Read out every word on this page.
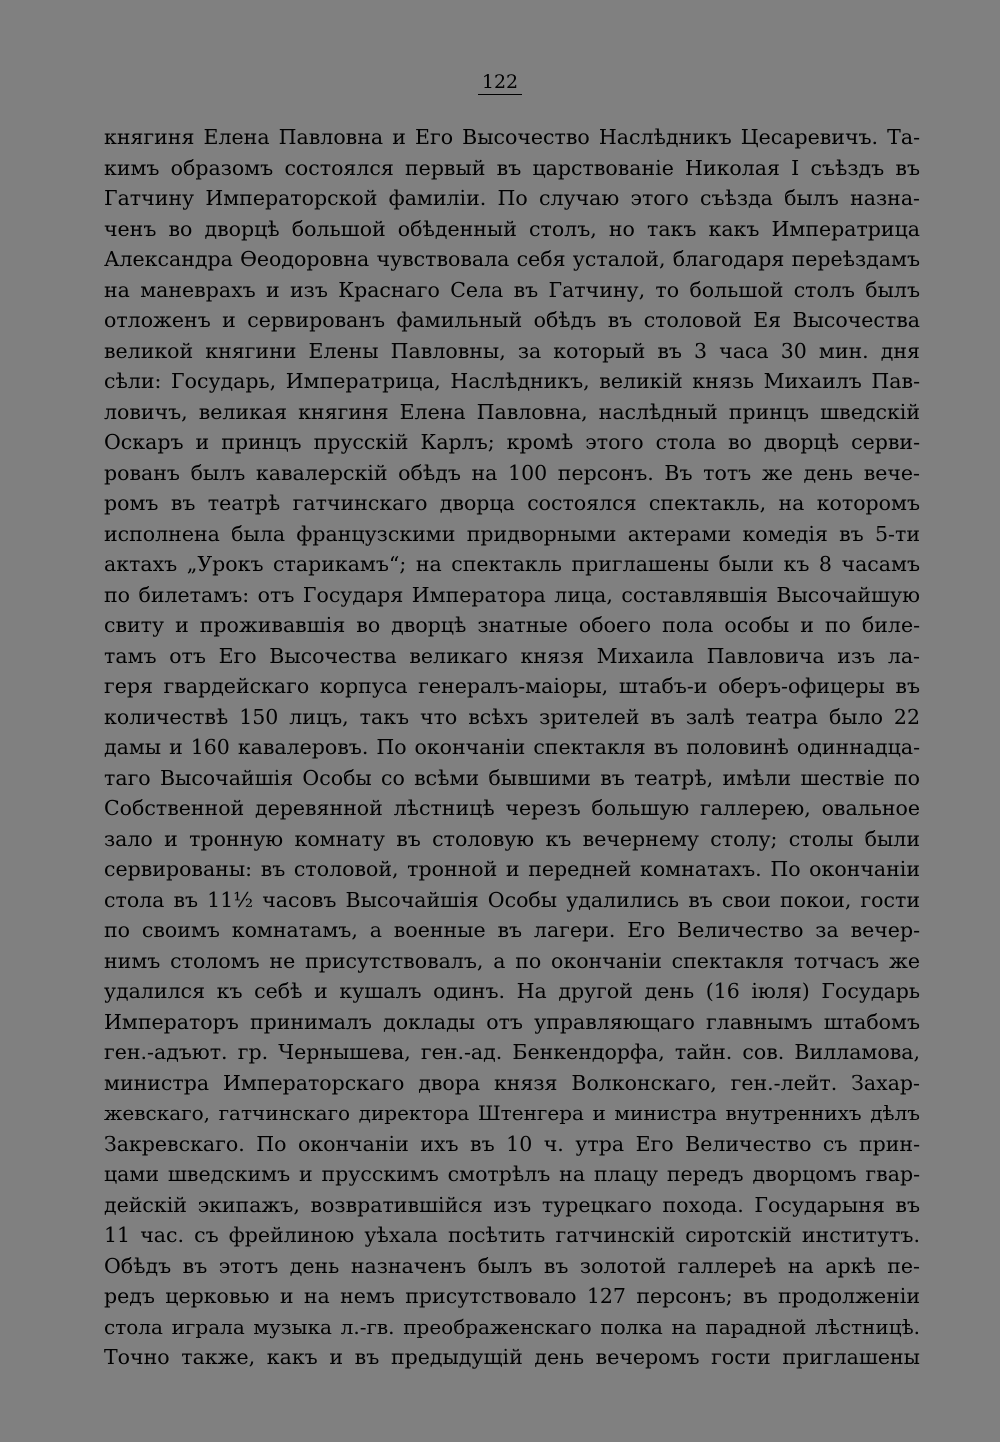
122
княгиня Елена Павловна и Его Высочество Наслѣдникъ Цесаревичъ. Та-
кимъ образомъ состоялся первый въ царствованіе Николая I съѣздъ въ
Гатчину Императорской фамиліи. По случаю этого съѣзда былъ назна-
ченъ во дворцѣ большой обѣденный столъ, но такъ какъ Императрица
Александра Ѳеодоровна чувствовала себя усталой, благодаря переѣздамъ
на маневрахъ и изъ Краснаго Села въ Гатчину, то большой столъ былъ
отложенъ и сервированъ фамильный обѣдъ въ столовой Ея Высочества
великой княгини Елены Павловны, за который въ 3 часа 30 мин. дня
сѣли: Государь, Императрица, Наслѣдникъ, великій князь Михаилъ Пав-
ловичъ, великая княгиня Елена Павловна, наслѣдный принцъ шведскій
Оскаръ и принцъ прусскій Карлъ; кромѣ этого стола во дворцѣ серви-
рованъ былъ кавалерскій обѣдъ на 100 персонъ. Въ тотъ же день вече-
ромъ въ театрѣ гатчинскаго дворца состоялся спектакль, на которомъ
исполнена была французскими придворными актерами комедія въ 5-ти
актахъ „Урокъ старикамъ“; на спектакль приглашены были къ 8 часамъ
по билетамъ: отъ Государя Императора лица, составлявшія Высочайшую
свиту и проживавшія во дворцѣ знатные обоего пола особы и по биле-
тамъ отъ Его Высочества великаго князя Михаила Павловича изъ ла-
геря гвардейскаго корпуса генералъ-маіоры, штабъ-и оберъ-офицеры въ
количествѣ 150 лицъ, такъ что всѣхъ зрителей въ залѣ театра было 22
дамы и 160 кавалеровъ. По окончаніи спектакля въ половинѣ одиннадца-
таго Высочайшія Особы со всѣми бывшими въ театрѣ, имѣли шествіе по
Собственной деревянной лѣстницѣ черезъ большую галлерею, овальное
зало и тронную комнату въ столовую къ вечернему столу; столы были
сервированы: въ столовой, тронной и передней комнатахъ. По окончаніи
стола въ 11½ часовъ Высочайшія Особы удалились въ свои покои, гости
по своимъ комнатамъ, а военные въ лагери. Его Величество за вечер-
нимъ столомъ не присутствовалъ, а по окончаніи спектакля тотчасъ же
удалился къ себѣ и кушалъ одинъ. На другой день (16 іюля) Государь
Императоръ принималъ доклады отъ управляющаго главнымъ штабомъ
ген.-адъют. гр. Чернышева, ген.-ад. Бенкендорфа, тайн. сов. Вилламова,
министра Императорскаго двора князя Волконскаго, ген.-лейт. Захар-
жевскаго, гатчинскаго директора Штенгера и министра внутреннихъ дѣлъ
Закревскаго. По окончаніи ихъ въ 10 ч. утра Его Величество съ прин-
цами шведскимъ и прусскимъ смотрѣлъ на плацу передъ дворцомъ гвар-
дейскій экипажъ, возвратившійся изъ турецкаго похода. Государыня въ
11 час. съ фрейлиною уѣхала посѣтить гатчинскій сиротскій институтъ.
Обѣдъ въ этотъ день назначенъ былъ въ золотой галлереѣ на аркѣ пе-
редъ церковью и на немъ присутствовало 127 персонъ; въ продолженіи
стола играла музыка л.-гв. преображенскаго полка на парадной лѣстницѣ.
Точно также, какъ и въ предыдущій день вечеромъ гости приглашены
